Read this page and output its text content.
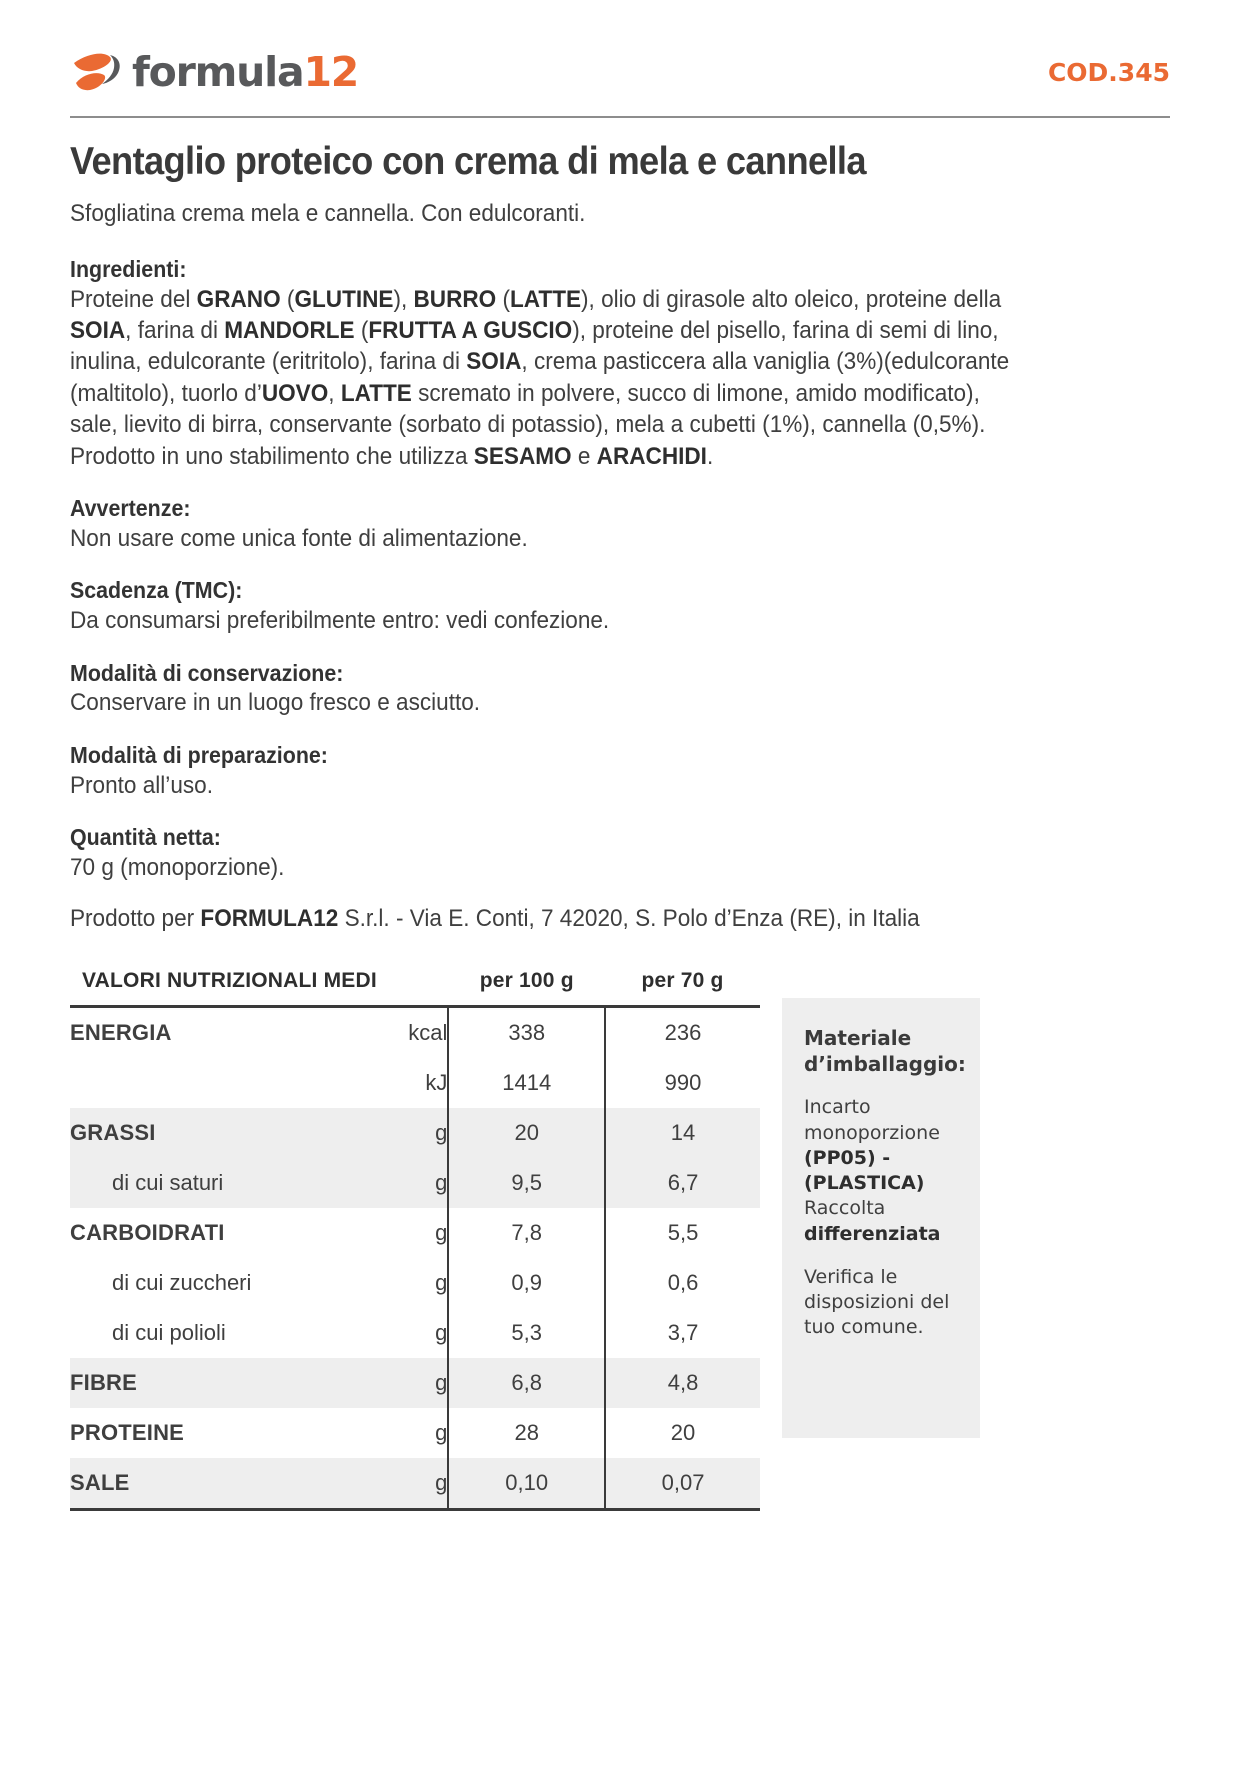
formula12	COD.345
Ventaglio proteico con crema di mela e cannella
Sfogliatina crema mela e cannella. Con edulcoranti.
Ingredienti:
Proteine del GRANO (GLUTINE), BURRO (LATTE), olio di girasole alto oleico, proteine della SOIA, farina di MANDORLE (FRUTTA A GUSCIO), proteine del pisello, farina di semi di lino, inulina, edulcorante (eritritolo), farina di SOIA, crema pasticcera alla vaniglia (3%)(edulcorante (maltitolo), tuorlo d’UOVO, LATTE scremato in polvere, succo di limone, amido modificato), sale, lievito di birra, conservante (sorbato di potassio), mela a cubetti (1%), cannella (0,5%).
Prodotto in uno stabilimento che utilizza SESAMO e ARACHIDI.
Avvertenze:
Non usare come unica fonte di alimentazione.
Scadenza (TMC):
Da consumarsi preferibilmente entro: vedi confezione.
Modalità di conservazione:
Conservare in un luogo fresco e asciutto.
Modalità di preparazione:
Pronto all’uso.
Quantità netta:
70 g (monoporzione).
Prodotto per FORMULA12 S.r.l. - Via E. Conti, 7 42020, S. Polo d’Enza (RE), in Italia
VALORI NUTRIZIONALI MEDI		per 100 g	per 70 g
ENERGIA	kcal	338	236
	kJ	1414	990
GRASSI	g	20	14
di cui saturi	g	9,5	6,7
CARBOIDRATI	g	7,8	5,5
di cui zuccheri	g	0,9	0,6
di cui polioli	g	5,3	3,7
FIBRE	g	6,8	4,8
PROTEINE	g	28	20
SALE	g	0,10	0,07
Materiale d’imballaggio:
Incarto monoporzione (PP05) - (PLASTICA) Raccolta differenziata
Verifica le disposizioni del tuo comune.
